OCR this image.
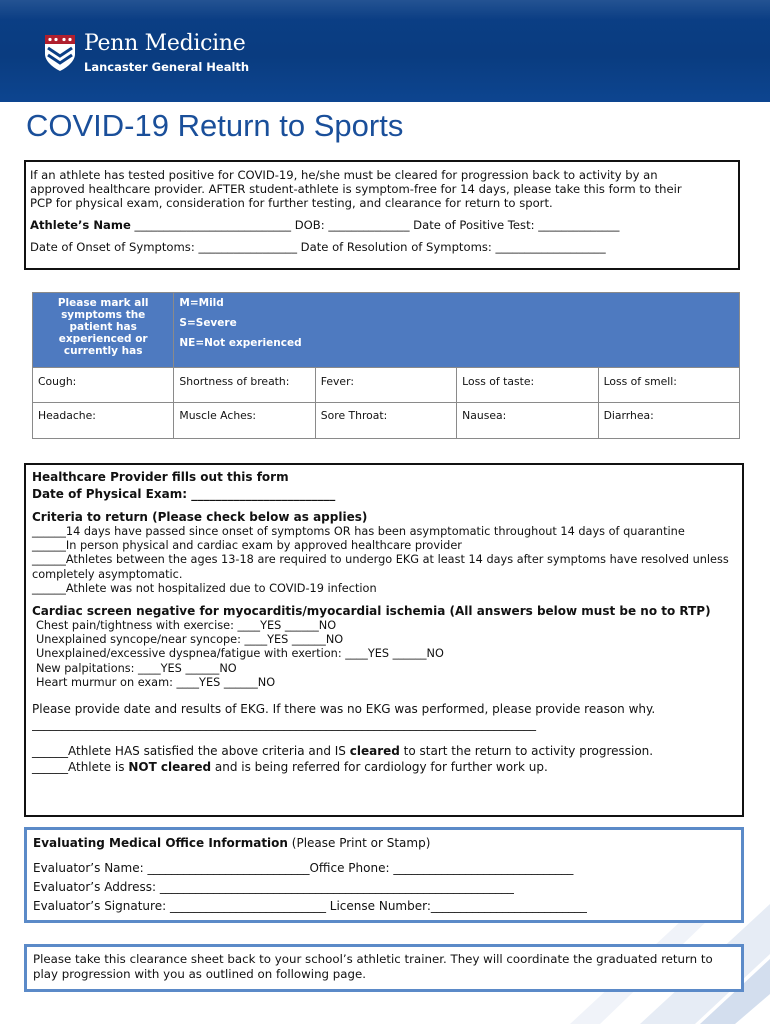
Penn Medicine
Lancaster General Health
COVID-19 Return to Sports
If an athlete has tested positive for COVID-19, he/she must be cleared for progression back to activity by an
approved healthcare provider. AFTER student-athlete is symptom-free for 14 days, please take this form to their
PCP for physical exam, consideration for further testing, and clearance for return to sport.
Athlete’s Name ___________________________ DOB: ______________ Date of Positive Test: ______________
Date of Onset of Symptoms: _________________ Date of Resolution of Symptoms: ___________________
Please mark all symptoms the patient has experienced or currently has	M=Mild
S=Severe
NE=Not experienced			

Cough:	Shortness of breath:	Fever:	Loss of taste:	Loss of smell:
Headache:	Muscle Aches:	Sore Throat:	Nausea:	Diarrhea:
Healthcare Provider fills out this form
Date of Physical Exam: ________________________
Criteria to return (Please check below as applies)
______14 days have passed since onset of symptoms OR has been asymptomatic throughout 14 days of quarantine
______In person physical and cardiac exam by approved healthcare provider
______Athletes between the ages 13-18 are required to undergo EKG at least 14 days after symptoms have resolved unless
completely asymptomatic.
______Athlete was not hospitalized due to COVID-19 infection
Cardiac screen negative for myocarditis/myocardial ischemia (All answers below must be no to RTP)
Chest pain/tightness with exercise: ____YES ______NO
Unexplained syncope/near syncope: ____YES ______NO
Unexplained/excessive dyspnea/fatigue with exertion: ____YES ______NO
New palpitations: ____YES ______NO
Heart murmur on exam: ____YES ______NO
Please provide date and results of EKG. If there was no EKG was performed, please provide reason why.
____________________________________________________________________________________
______Athlete HAS satisfied the above criteria and IS cleared to start the return to activity progression.
______Athlete is NOT cleared and is being referred for cardiology for further work up.
Evaluating Medical Office Information (Please Print or Stamp)
Evaluator’s Name: ___________________________Office Phone: ______________________________
Evaluator’s Address: ___________________________________________________________
Evaluator’s Signature: __________________________ License Number:__________________________
Please take this clearance sheet back to your school’s athletic trainer. They will coordinate the graduated return to
play progression with you as outlined on following page.
